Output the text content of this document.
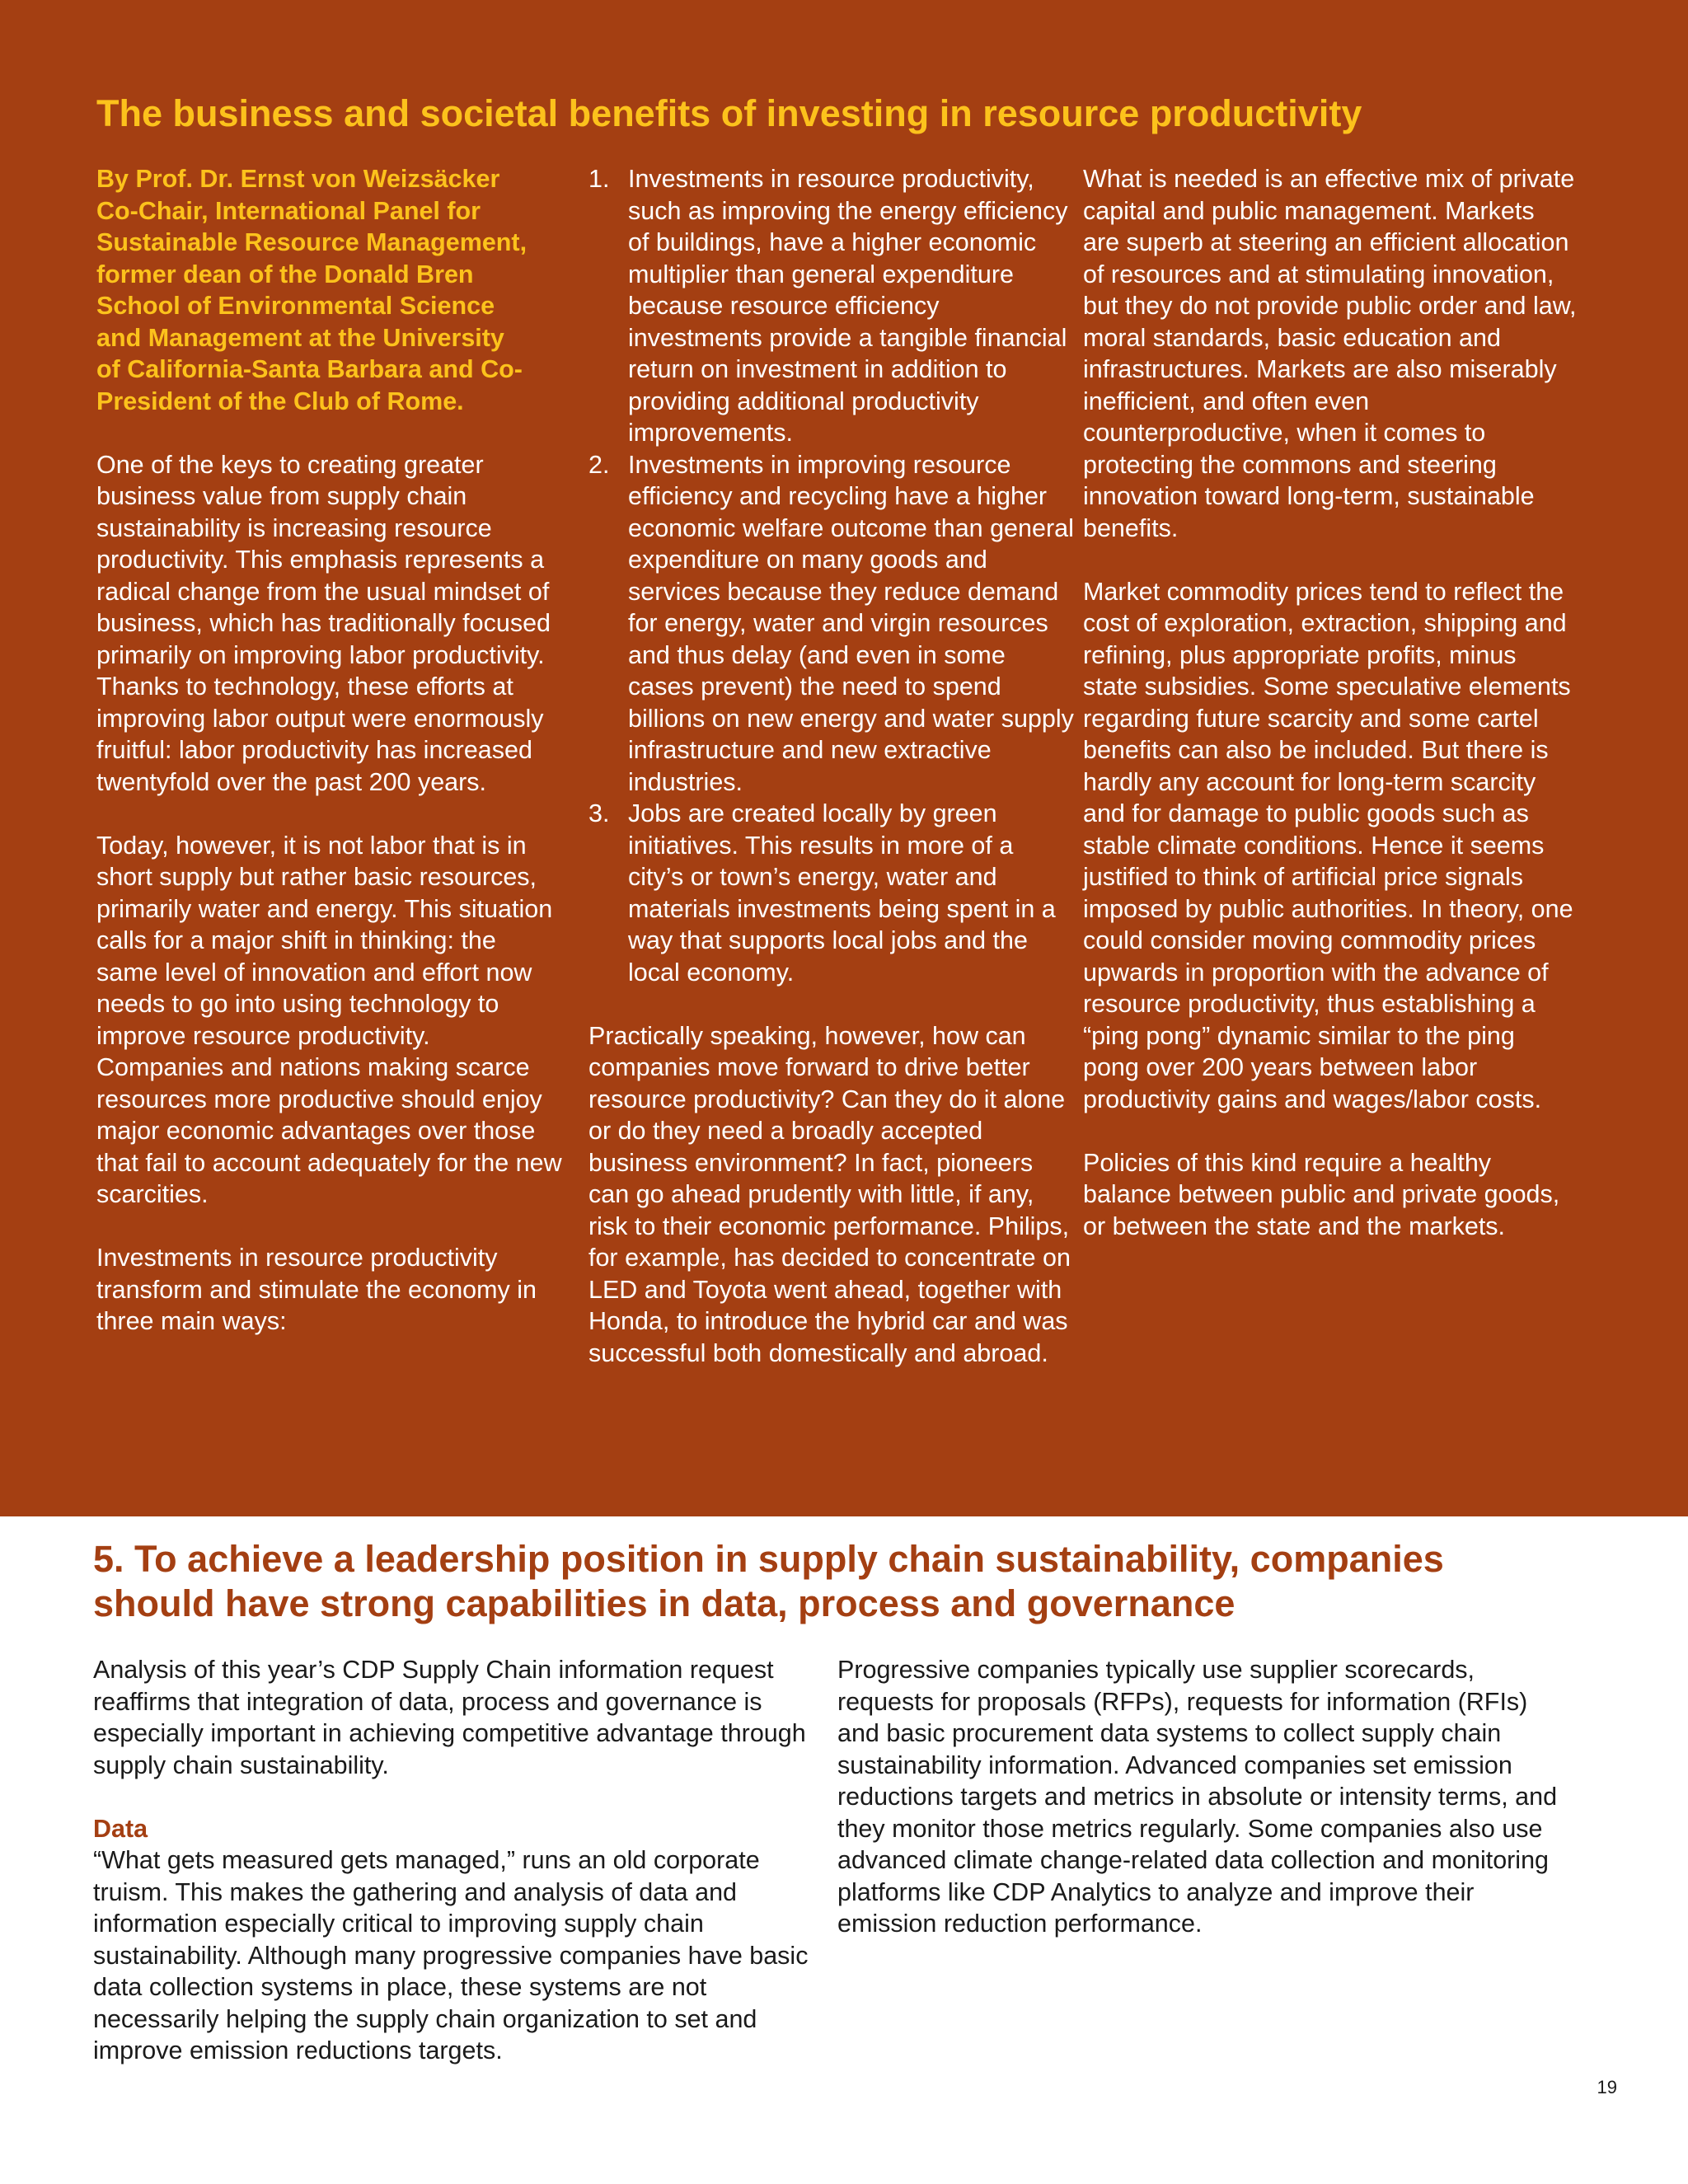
The business and societal benefits of investing in resource productivity

By Prof. Dr. Ernst von Weizsäcker
Co-Chair, International Panel for
Sustainable Resource Management,
former dean of the Donald Bren
School of Environmental Science
and Management at the University
of California-Santa Barbara and Co-
President of the Club of Rome.

One of the keys to creating greater business value from supply chain sustainability is increasing resource productivity. This emphasis represents a radical change from the usual mindset of business, which has traditionally focused primarily on improving labor productivity. Thanks to technology, these efforts at improving labor output were enormously fruitful: labor productivity has increased twentyfold over the past 200 years.

Today, however, it is not labor that is in short supply but rather basic resources, primarily water and energy. This situation calls for a major shift in thinking: the same level of innovation and effort now needs to go into using technology to improve resource productivity. Companies and nations making scarce resources more productive should enjoy major economic advantages over those that fail to account adequately for the new scarcities.

Investments in resource productivity transform and stimulate the economy in three main ways:

1. Investments in resource productivity, such as improving the energy efficiency of buildings, have a higher economic multiplier than general expenditure because resource efficiency investments provide a tangible financial return on investment in addition to providing additional productivity improvements.
2. Investments in improving resource efficiency and recycling have a higher economic welfare outcome than general expenditure on many goods and services because they reduce demand for energy, water and virgin resources and thus delay (and even in some cases prevent) the need to spend billions on new energy and water supply infrastructure and new extractive industries.
3. Jobs are created locally by green initiatives. This results in more of a city’s or town’s energy, water and materials investments being spent in a way that supports local jobs and the local economy.

Practically speaking, however, how can companies move forward to drive better resource productivity? Can they do it alone or do they need a broadly accepted business environment? In fact, pioneers can go ahead prudently with little, if any, risk to their economic performance. Philips, for example, has decided to concentrate on LED and Toyota went ahead, together with Honda, to introduce the hybrid car and was successful both domestically and abroad.

What is needed is an effective mix of private capital and public management. Markets are superb at steering an efficient allocation of resources and at stimulating innovation, but they do not provide public order and law, moral standards, basic education and infrastructures. Markets are also miserably inefficient, and often even counterproductive, when it comes to protecting the commons and steering innovation toward long-term, sustainable benefits.

Market commodity prices tend to reflect the cost of exploration, extraction, shipping and refining, plus appropriate profits, minus state subsidies. Some speculative elements regarding future scarcity and some cartel benefits can also be included. But there is hardly any account for long-term scarcity and for damage to public goods such as stable climate conditions. Hence it seems justified to think of artificial price signals imposed by public authorities. In theory, one could consider moving commodity prices upwards in proportion with the advance of resource productivity, thus establishing a “ping pong” dynamic similar to the ping pong over 200 years between labor productivity gains and wages/labor costs.

Policies of this kind require a healthy balance between public and private goods, or between the state and the markets.

5. To achieve a leadership position in supply chain sustainability, companies
should have strong capabilities in data, process and governance

Analysis of this year’s CDP Supply Chain information request reaffirms that integration of data, process and governance is especially important in achieving competitive advantage through supply chain sustainability.

Data

“What gets measured gets managed,” runs an old corporate truism. This makes the gathering and analysis of data and information especially critical to improving supply chain sustainability. Although many progressive companies have basic data collection systems in place, these systems are not necessarily helping the supply chain organization to set and improve emission reductions targets.

Progressive companies typically use supplier scorecards, requests for proposals (RFPs), requests for information (RFIs) and basic procurement data systems to collect supply chain sustainability information. Advanced companies set emission reductions targets and metrics in absolute or intensity terms, and they monitor those metrics regularly. Some companies also use advanced climate change-related data collection and monitoring platforms like CDP Analytics to analyze and improve their emission reduction performance.

19
